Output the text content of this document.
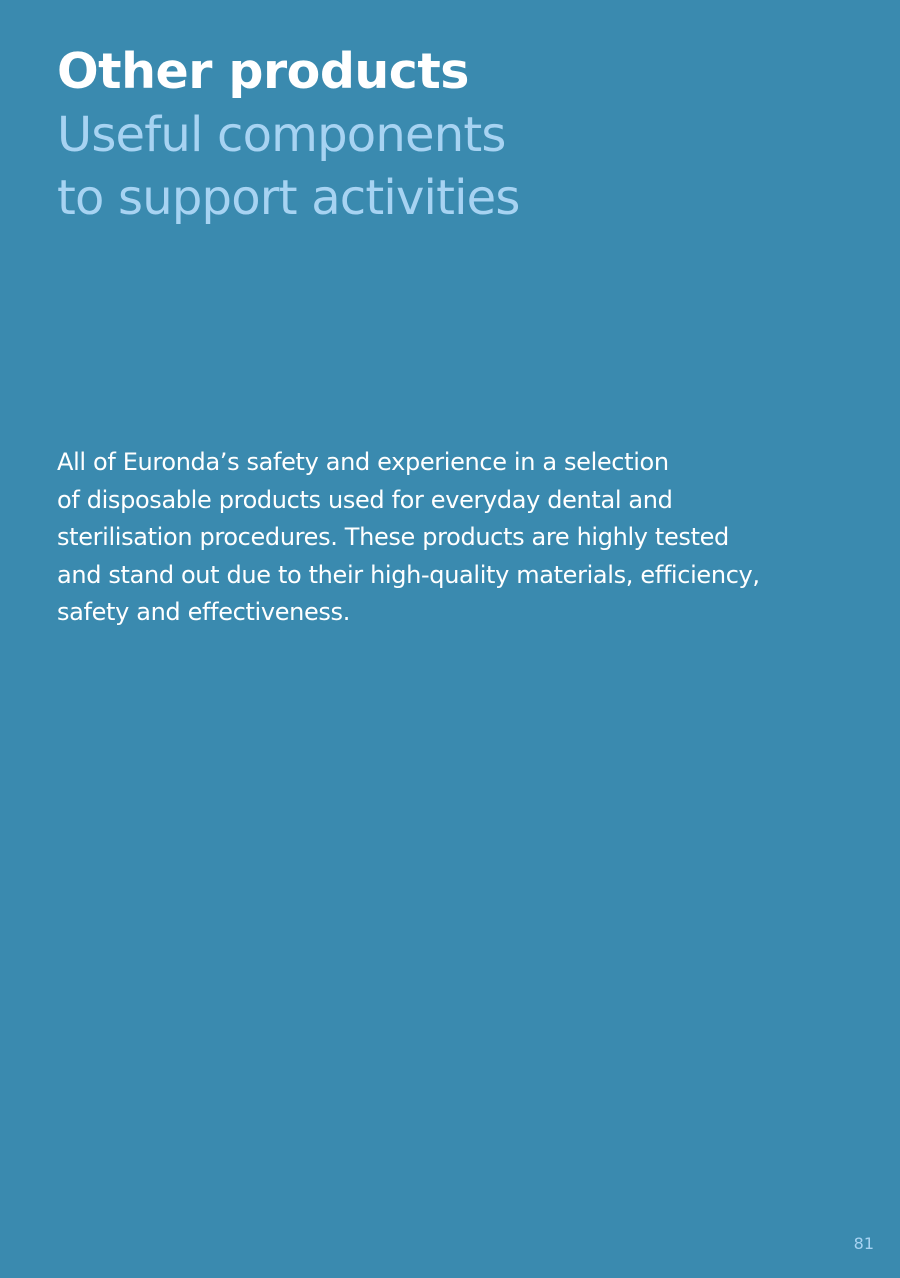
Other products
Useful components
to support activities
All of Euronda’s safety and experience in a selection
of disposable products used for everyday dental and
sterilisation procedures. These products are highly tested
and stand out due to their high-quality materials, efficiency,
safety and effectiveness.
81
